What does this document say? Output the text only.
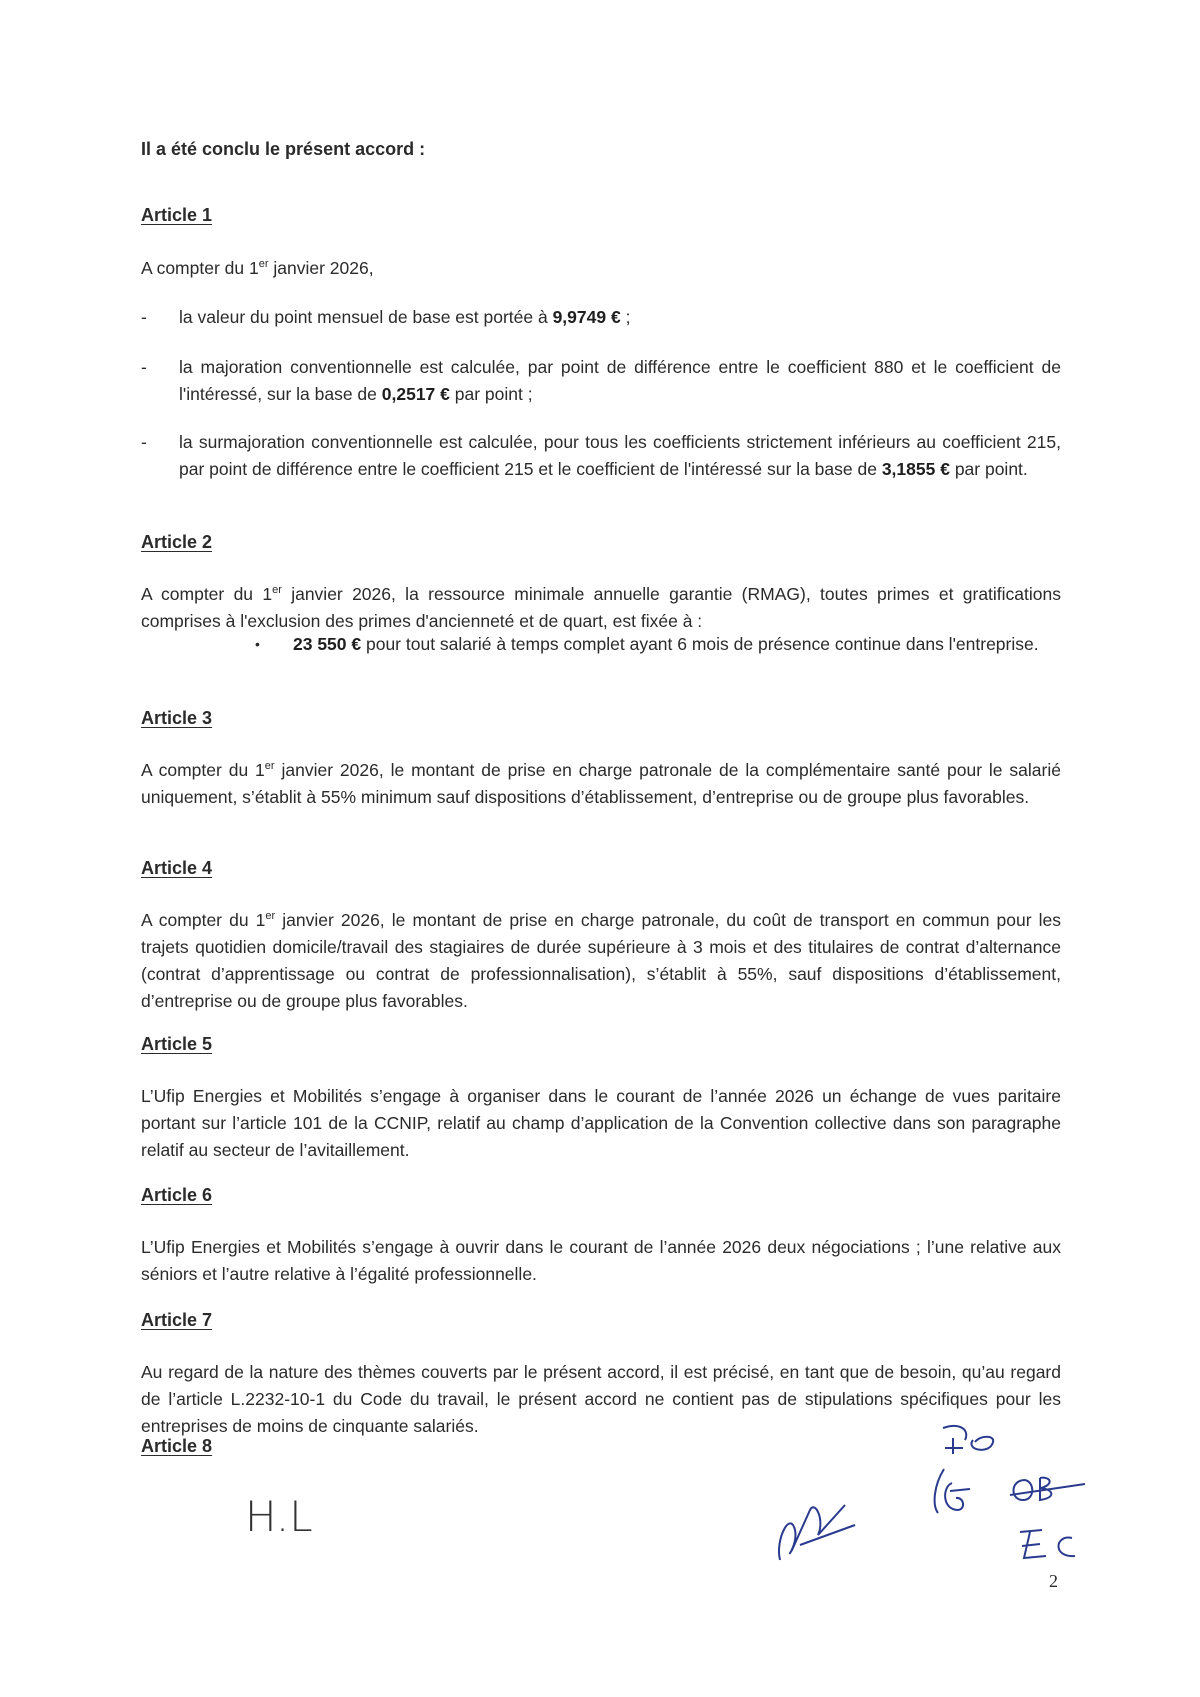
Il a été conclu le présent accord :
Article 1
A compter du 1er janvier 2026,
-	la valeur du point mensuel de base est portée à 9,9749 € ;
-	la majoration conventionnelle est calculée, par point de différence entre le coefficient 880 et le coefficient de l'intéressé, sur la base de 0,2517 € par point ;
-	la surmajoration conventionnelle est calculée, pour tous les coefficients strictement inférieurs au coefficient 215, par point de différence entre le coefficient 215 et le coefficient de l'intéressé sur la base de 3,1855 € par point.
Article 2
A compter du 1er janvier 2026, la ressource minimale annuelle garantie (RMAG), toutes primes et gratifications comprises à l'exclusion des primes d'ancienneté et de quart, est fixée à :
• 23 550 € pour tout salarié à temps complet ayant 6 mois de présence continue dans l'entreprise.
Article 3
A compter du 1er janvier 2026, le montant de prise en charge patronale de la complémentaire santé pour le salarié uniquement, s’établit à 55% minimum sauf dispositions d’établissement, d’entreprise ou de groupe plus favorables.
Article 4
A compter du 1er janvier 2026, le montant de prise en charge patronale, du coût de transport en commun pour les trajets quotidien domicile/travail des stagiaires de durée supérieure à 3 mois et des titulaires de contrat d’alternance (contrat d’apprentissage ou contrat de professionnalisation), s’établit à 55%, sauf dispositions d’établissement, d’entreprise ou de groupe plus favorables.
Article 5
L’Ufip Energies et Mobilités s’engage à organiser dans le courant de l’année 2026 un échange de vues paritaire portant sur l’article 101 de la CCNIP, relatif au champ d’application de la Convention collective dans son paragraphe relatif au secteur de l’avitaillement.
Article 6
L’Ufip Energies et Mobilités s’engage à ouvrir dans le courant de l’année 2026 deux négociations ; l’une relative aux séniors et l’autre relative à l’égalité professionnelle.
Article 7
Au regard de la nature des thèmes couverts par le présent accord, il est précisé, en tant que de besoin, qu’au regard de l’article L.2232-10-1 du Code du travail, le présent accord ne contient pas de stipulations spécifiques pour les entreprises de moins de cinquante salariés.
Article 8
H.L
2
